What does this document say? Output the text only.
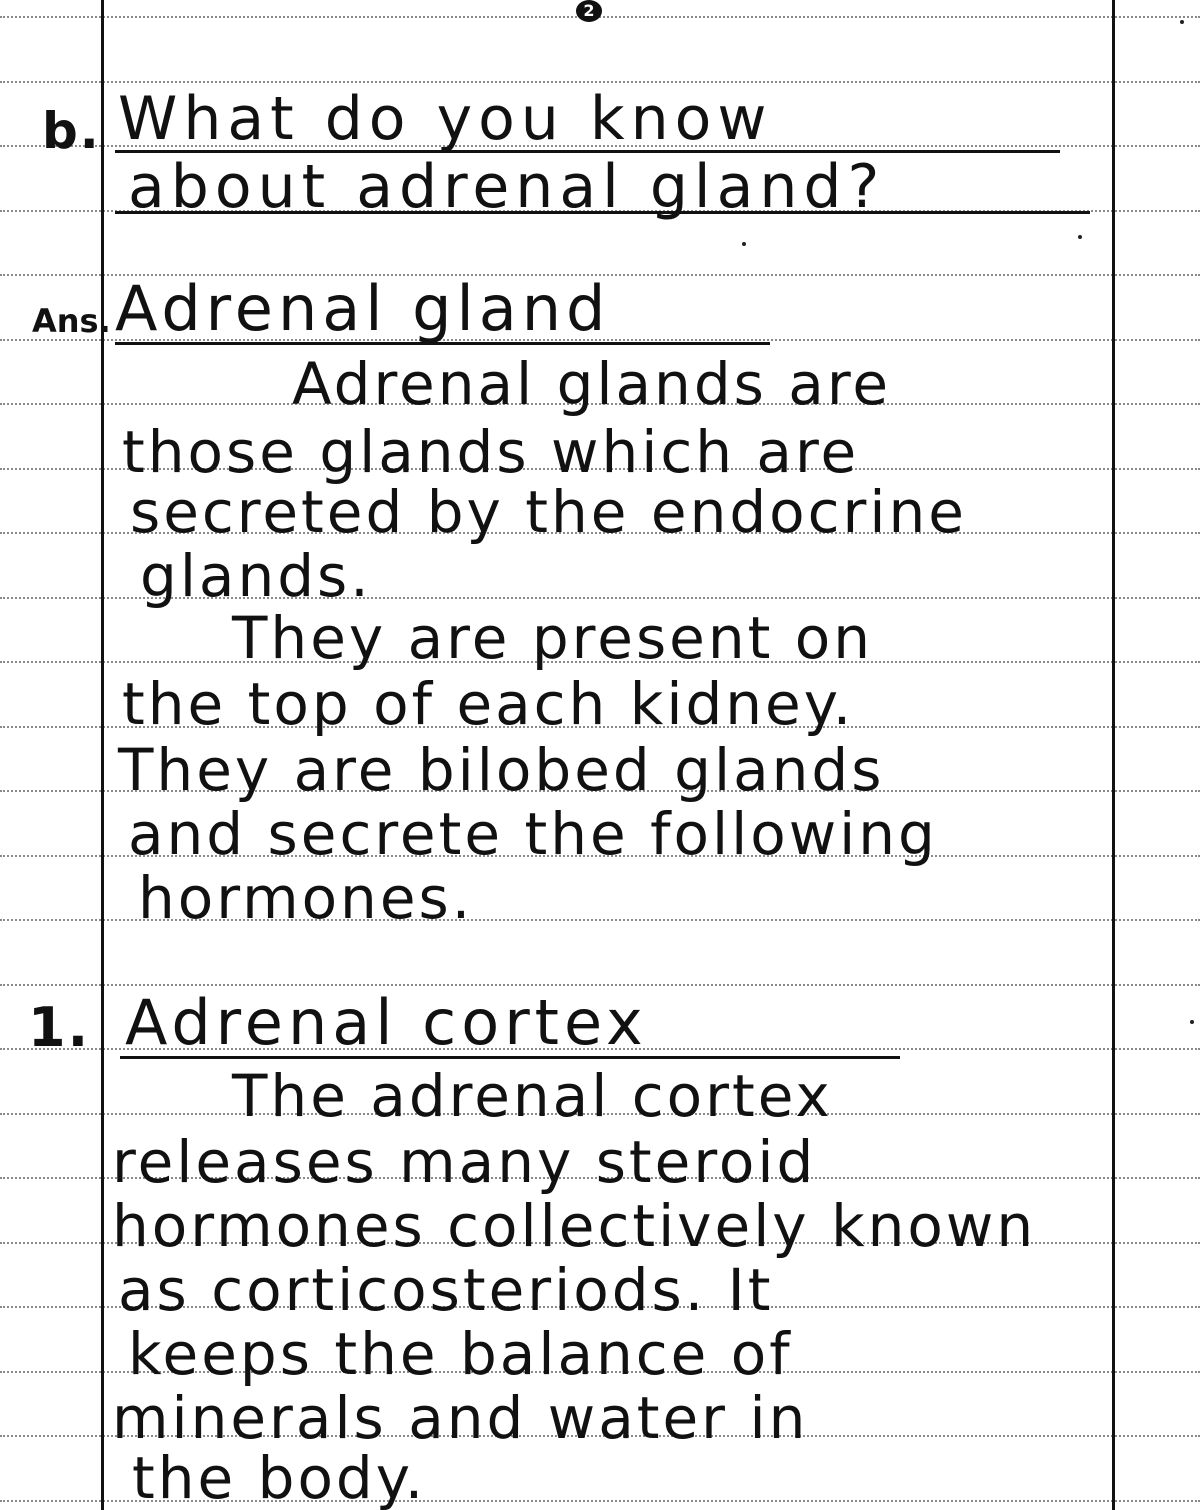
2
b. What do you know
about adrenal gland?
Ans. Adrenal gland
Adrenal glands are
those glands which are
secreted by the endocrine
glands.
They are present on
the top of each kidney.
They are bilobed glands
and secrete the following
hormones.
1. Adrenal cortex
The adrenal cortex
releases many steroid
hormones collectively known
as corticosteriods. It
keeps the balance of
minerals and water in
the body.
